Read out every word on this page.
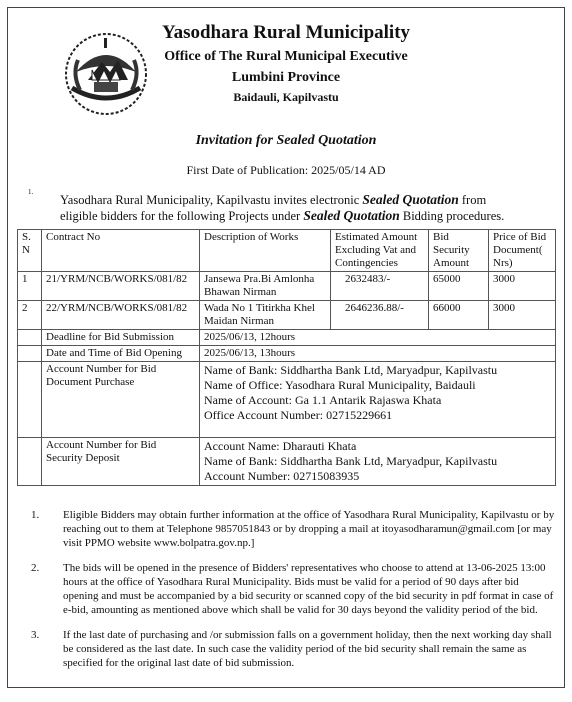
Yasodhara Rural Municipality
Office of The Rural Municipal Executive
Lumbini Province
Baidauli, Kapilvastu
Invitation for Sealed Quotation
First Date of Publication: 2025/05/14 AD
1.
Yasodhara Rural Municipality, Kapilvastu invites electronic Sealed Quotation from eligible bidders for the following Projects under Sealed Quotation Bidding procedures.
S. N	Contract No	Description of Works	Estimated Amount Excluding Vat and Contingencies	Bid Security Amount	Price of Bid Document( Nrs)
1	21/YRM/NCB/WORKS/081/82	Jansewa Pra.Bi Amlonha Bhawan Nirman	2632483/-	65000	3000
2	22/YRM/NCB/WORKS/081/82	Wada No 1 Titirkha Khel Maidan Nirman	2646236.88/-	66000	3000
	Deadline for Bid Submission	2025/06/13, 12hours			
	Date and Time of Bid Opening	2025/06/13, 13hours			
	Account Number for Bid Document Purchase	Name of Bank: Siddhartha Bank Ltd, Maryadpur, Kapilvastu
Name of Office: Yasodhara Rural Municipality, Baidauli
Name of Account: Ga 1.1 Antarik Rajaswa Khata
Office Account Number: 02715229661			

	Account Number for Bid Security Deposit	Account Name: Dharauti Khata
Name of Bank: Siddhartha Bank Ltd, Maryadpur, Kapilvastu
Account Number: 02715083935			
1. Eligible Bidders may obtain further information at the office of Yasodhara Rural Municipality, Kapilvastu or by reaching out to them at Telephone 9857051843 or by dropping a mail at itoyasodharamun@gmail.com [or may visit PPMO website www.bolpatra.gov.np.]
2. The bids will be opened in the presence of Bidders' representatives who choose to attend at 13-06-2025 13:00 hours at the office of Yasodhara Rural Municipality. Bids must be valid for a period of 90 days after bid opening and must be accompanied by a bid security or scanned copy of the bid security in pdf format in case of e-bid, amounting as mentioned above which shall be valid for 30 days beyond the validity period of the bid.
3. If the last date of purchasing and /or submission falls on a government holiday, then the next working day shall be considered as the last date. In such case the validity period of the bid security shall remain the same as specified for the original last date of bid submission.
